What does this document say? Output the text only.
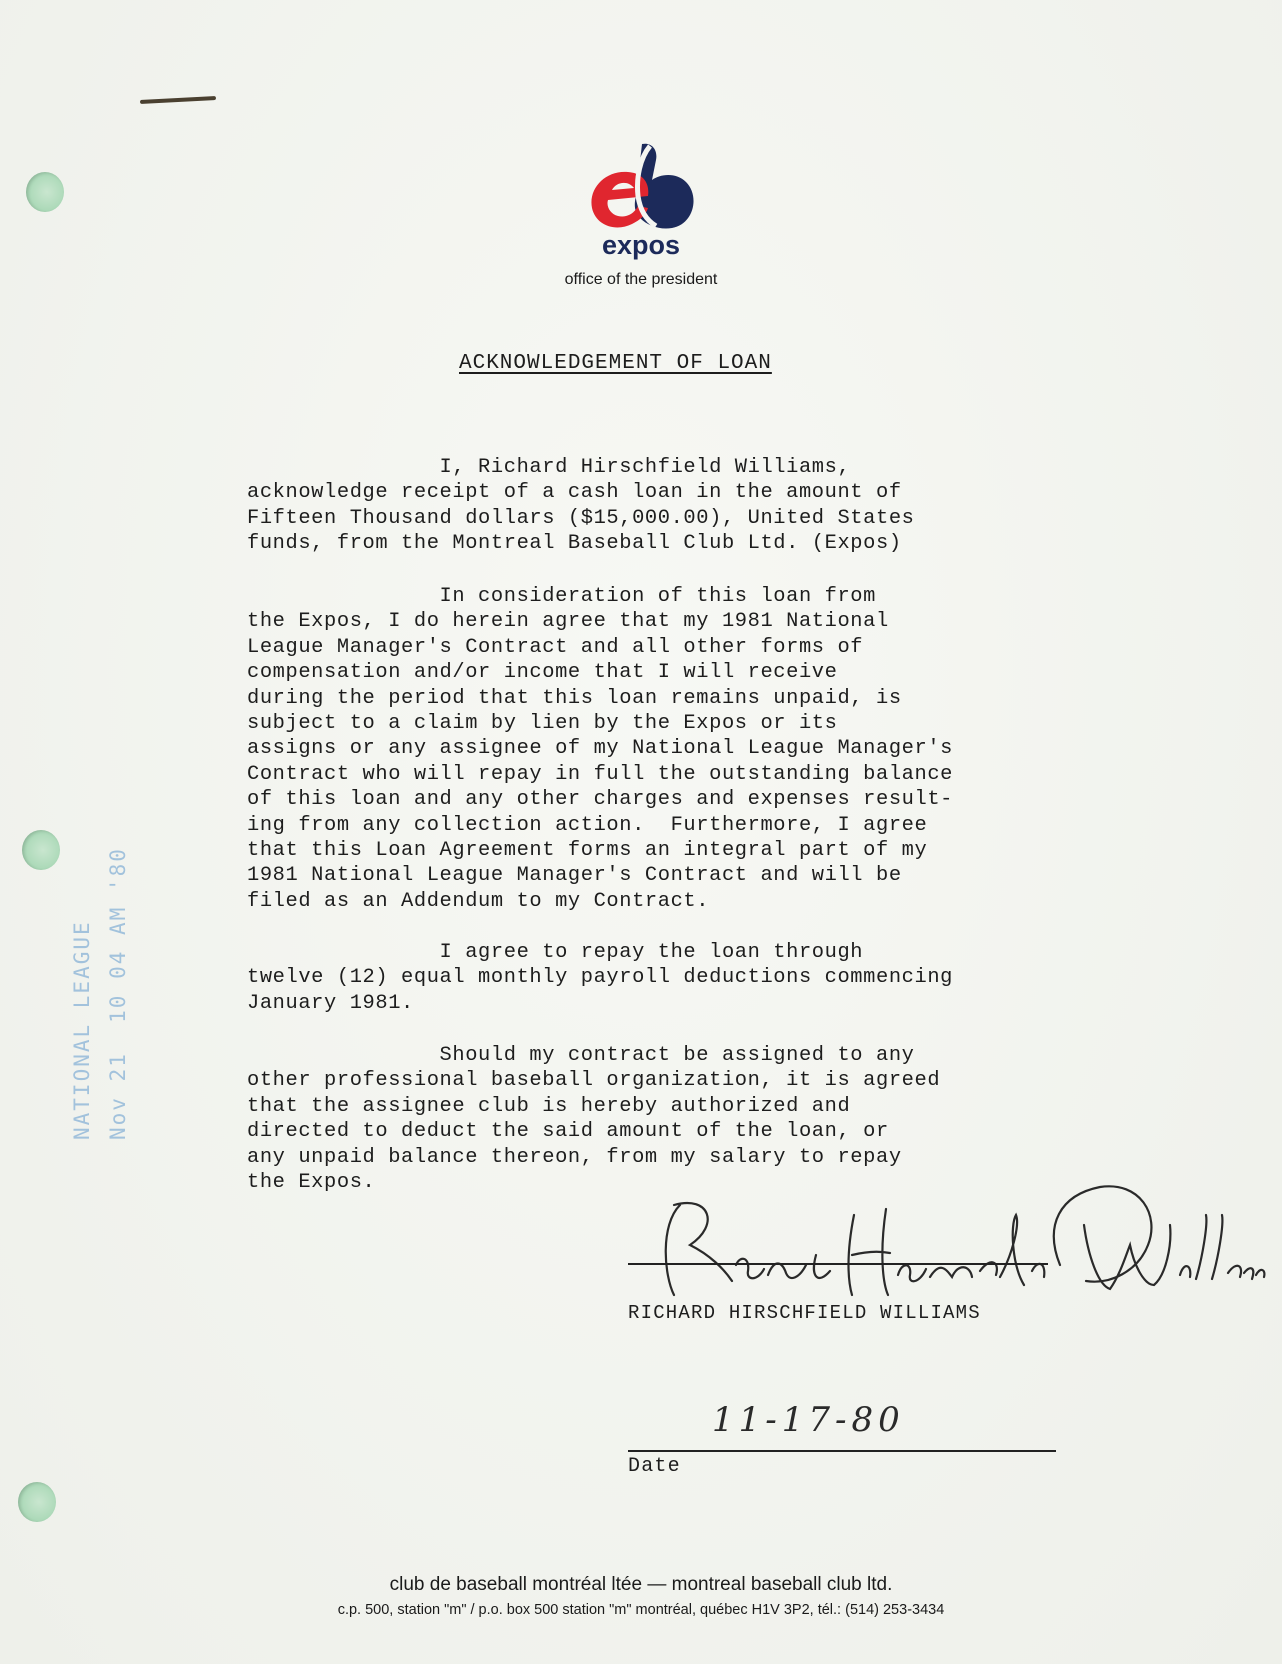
expos
office of the president
ACKNOWLEDGEMENT OF LOAN
I, Richard Hirschfield Williams,
acknowledge receipt of a cash loan in the amount of
Fifteen Thousand dollars ($15,000.00), United States
funds, from the Montreal Baseball Club Ltd. (Expos)
In consideration of this loan from
the Expos, I do herein agree that my 1981 National
League Manager's Contract and all other forms of
compensation and/or income that I will receive
during the period that this loan remains unpaid, is
subject to a claim by lien by the Expos or its
assigns or any assignee of my National League Manager's
Contract who will repay in full the outstanding balance
of this loan and any other charges and expenses result-
ing from any collection action.  Furthermore, I agree
that this Loan Agreement forms an integral part of my
1981 National League Manager's Contract and will be
filed as an Addendum to my Contract.
I agree to repay the loan through
twelve (12) equal monthly payroll deductions commencing
January 1981.
Should my contract be assigned to any
other professional baseball organization, it is agreed
that the assignee club is hereby authorized and
directed to deduct the said amount of the loan, or
any unpaid balance thereon, from my salary to repay
the Expos.
NATIONAL LEAGUE Nov 21  10 04 AM '80
RICHARD HIRSCHFIELD WILLIAMS
11-17-80
Date
club de baseball montréal ltée — montreal baseball club ltd.
c.p. 500, station "m" / p.o. box 500 station "m" montréal, québec H1V 3P2, tél.: (514) 253-3434
